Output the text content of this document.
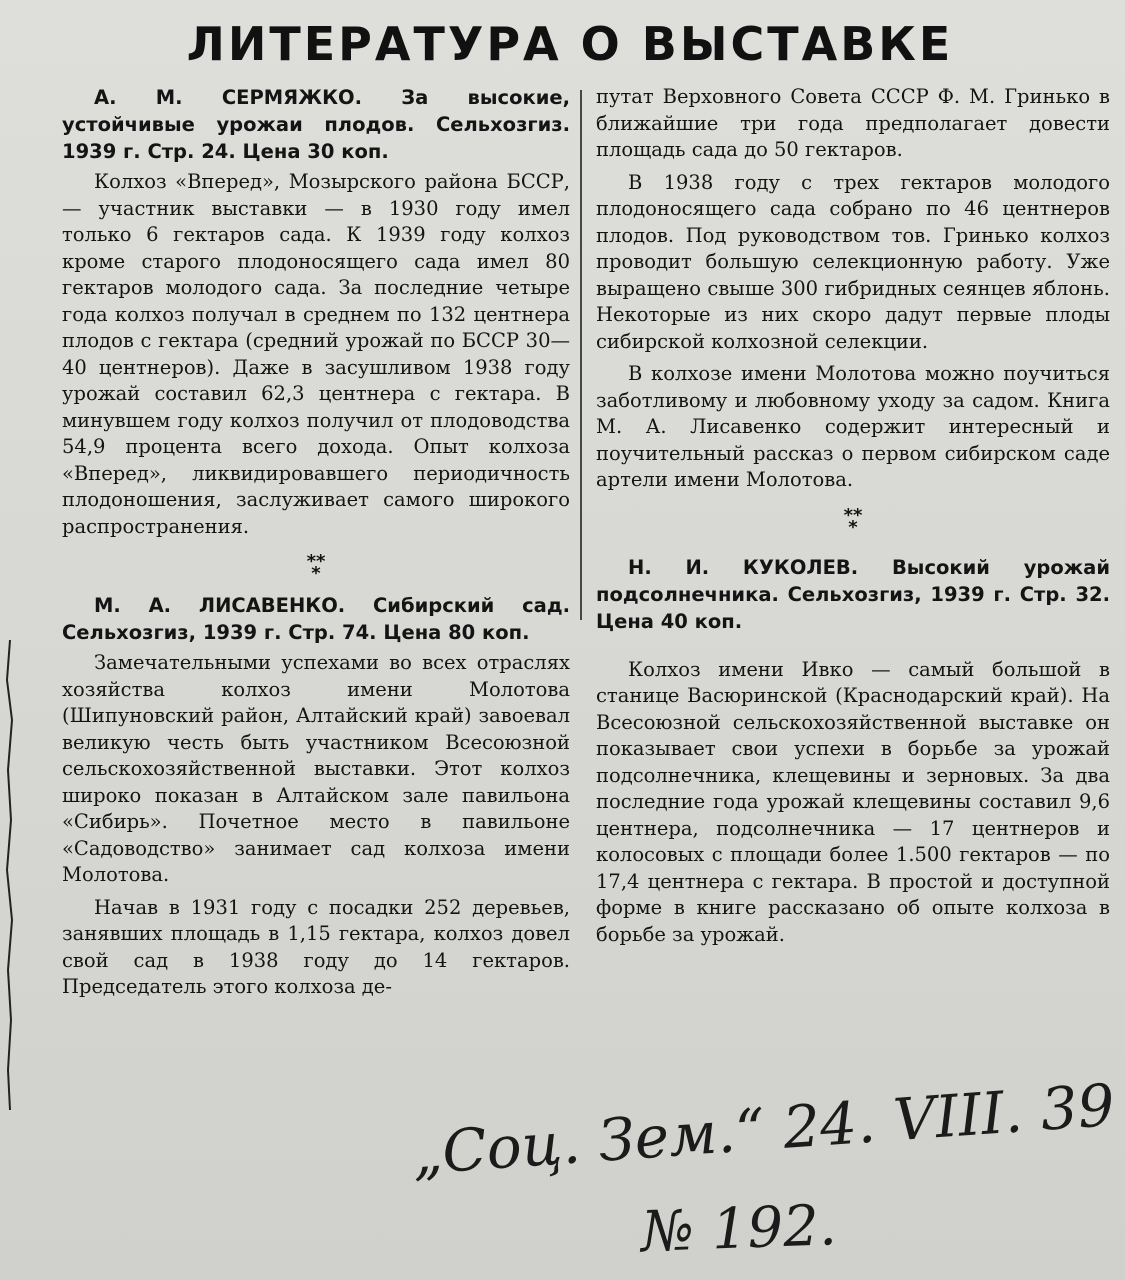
ЛИТЕРАТУРА О ВЫСТАВКЕ

А. М. СЕРМЯЖКО. За высокие, устойчивые урожаи плодов. Сельхозгиз. 1939 г. Стр. 24. Цена 30 коп.

Колхоз «Вперед», Мозырского района БССР, — участник выставки — в 1930 году имел только 6 гектаров сада. К 1939 году колхоз кроме старого плодоносящего сада имел 80 гектаров молодого сада. За последние четыре года колхоз получал в среднем по 132 центнера плодов с гектара (средний урожай по БССР 30—40 центнеров). Даже в засушливом 1938 году урожай составил 62,3 центнера с гектара. В минувшем году колхоз получил от плодоводства 54,9 процента всего дохода. Опыт колхоза «Вперед», ликвидировавшего периодичность плодоношения, заслуживает самого широкого распространения.

**
*

М. А. ЛИСАВЕНКО. Сибирский сад. Сельхозгиз, 1939 г. Стр. 74. Цена 80 коп.

Замечательными успехами во всех отраслях хозяйства колхоз имени Молотова (Шипуновский район, Алтайский край) завоевал великую честь быть участником Всесоюзной сельскохозяйственной выставки. Этот колхоз широко показан в Алтайском зале павильона «Сибирь». Почетное место в павильоне «Садоводство» занимает сад колхоза имени Молотова.

Начав в 1931 году с посадки 252 деревьев, занявших площадь в 1,15 гектара, колхоз довел свой сад в 1938 году до 14 гектаров. Председатель этого колхоза де-

путат Верховного Совета СССР Ф. М. Гринько в ближайшие три года предполагает довести площадь сада до 50 гектаров.

В 1938 году с трех гектаров молодого плодоносящего сада собрано по 46 центнеров плодов. Под руководством тов. Гринько колхоз проводит большую селекционную работу. Уже выращено свыше 300 гибридных сеянцев яблонь. Некоторые из них скоро дадут первые плоды сибирской колхозной селекции.

В колхозе имени Молотова можно поучиться заботливому и любовному уходу за садом. Книга М. А. Лисавенко содержит интересный и поучительный рассказ о первом сибирском саде артели имени Молотова.

**
*

Н. И. КУКОЛЕВ. Высокий урожай подсолнечника. Сельхозгиз, 1939 г. Стр. 32. Цена 40 коп.

Колхоз имени Ивко — самый большой в станице Васюринской (Краснодарский край). На Всесоюзной сельскохозяйственной выставке он показывает свои успехи в борьбе за урожай подсолнечника, клещевины и зерновых. За два последние года урожай клещевины составил 9,6 центнера, подсолнечника — 17 центнеров и колосовых с площади более 1.500 гектаров — по 17,4 центнера с гектара. В простой и доступной форме в книге рассказано об опыте колхоза в борьбе за урожай.

„Соц. Зем.“ 24. VIII. 39
№ 192.
